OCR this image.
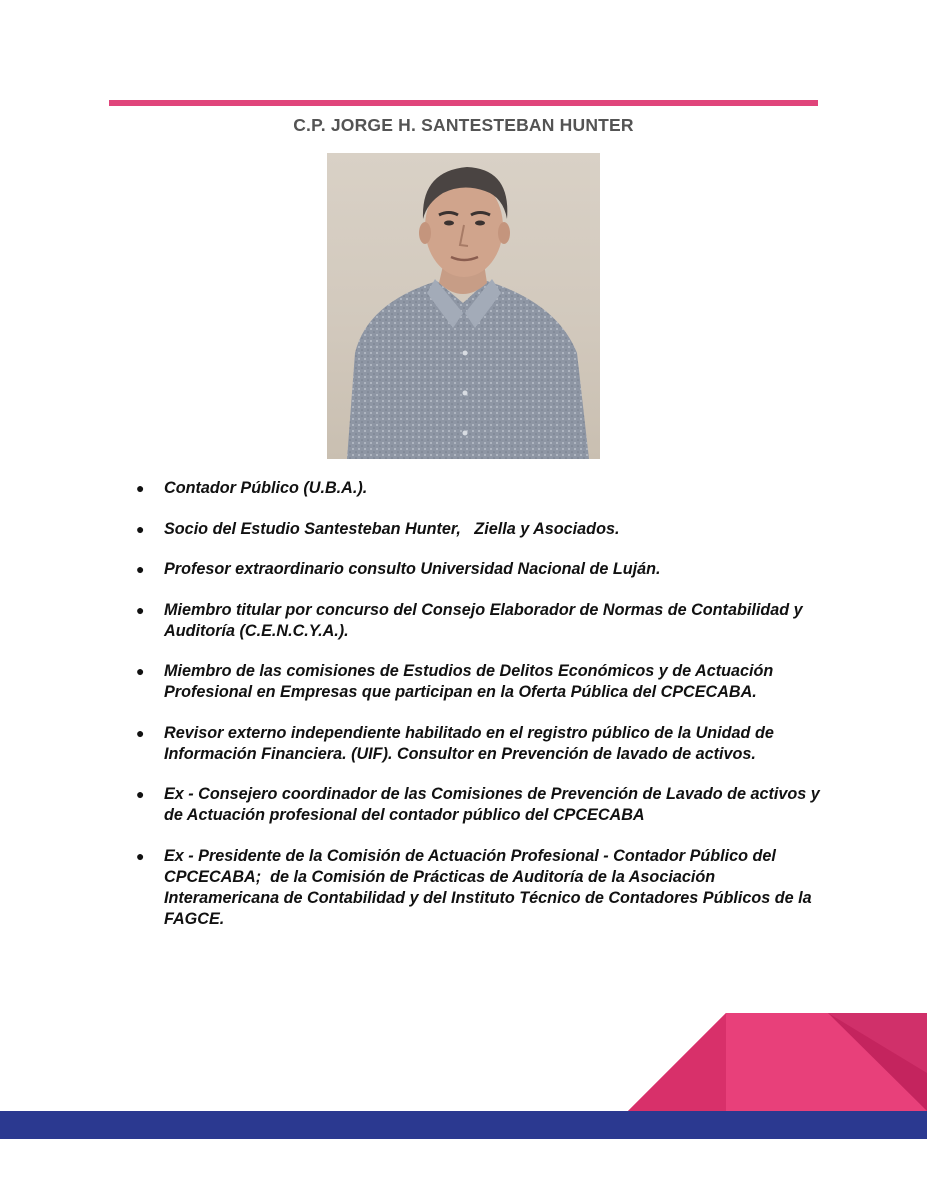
C.P. JORGE H. SANTESTEBAN HUNTER
● Contador Público (U.B.A.).
● Socio del Estudio Santesteban Hunter,   Ziella y Asociados.
● Profesor extraordinario consulto Universidad Nacional de Luján.
● Miembro titular por concurso del Consejo Elaborador de Normas de Contabilidad y Auditoría (C.E.N.C.Y.A.).
● Miembro de las comisiones de Estudios de Delitos Económicos y de Actuación Profesional en Empresas que participan en la Oferta Pública del CPCECABA.
● Revisor externo independiente habilitado en el registro público de la Unidad de Información Financiera. (UIF). Consultor en Prevención de lavado de activos.
● Ex - Consejero coordinador de las Comisiones de Prevención de Lavado de activos y de Actuación profesional del contador público del CPCECABA
● Ex - Presidente de la Comisión de Actuación Profesional - Contador Público del CPCECABA;  de la Comisión de Prácticas de Auditoría de la Asociación Interamericana de Contabilidad y del Instituto Técnico de Contadores Públicos de la FAGCE.
